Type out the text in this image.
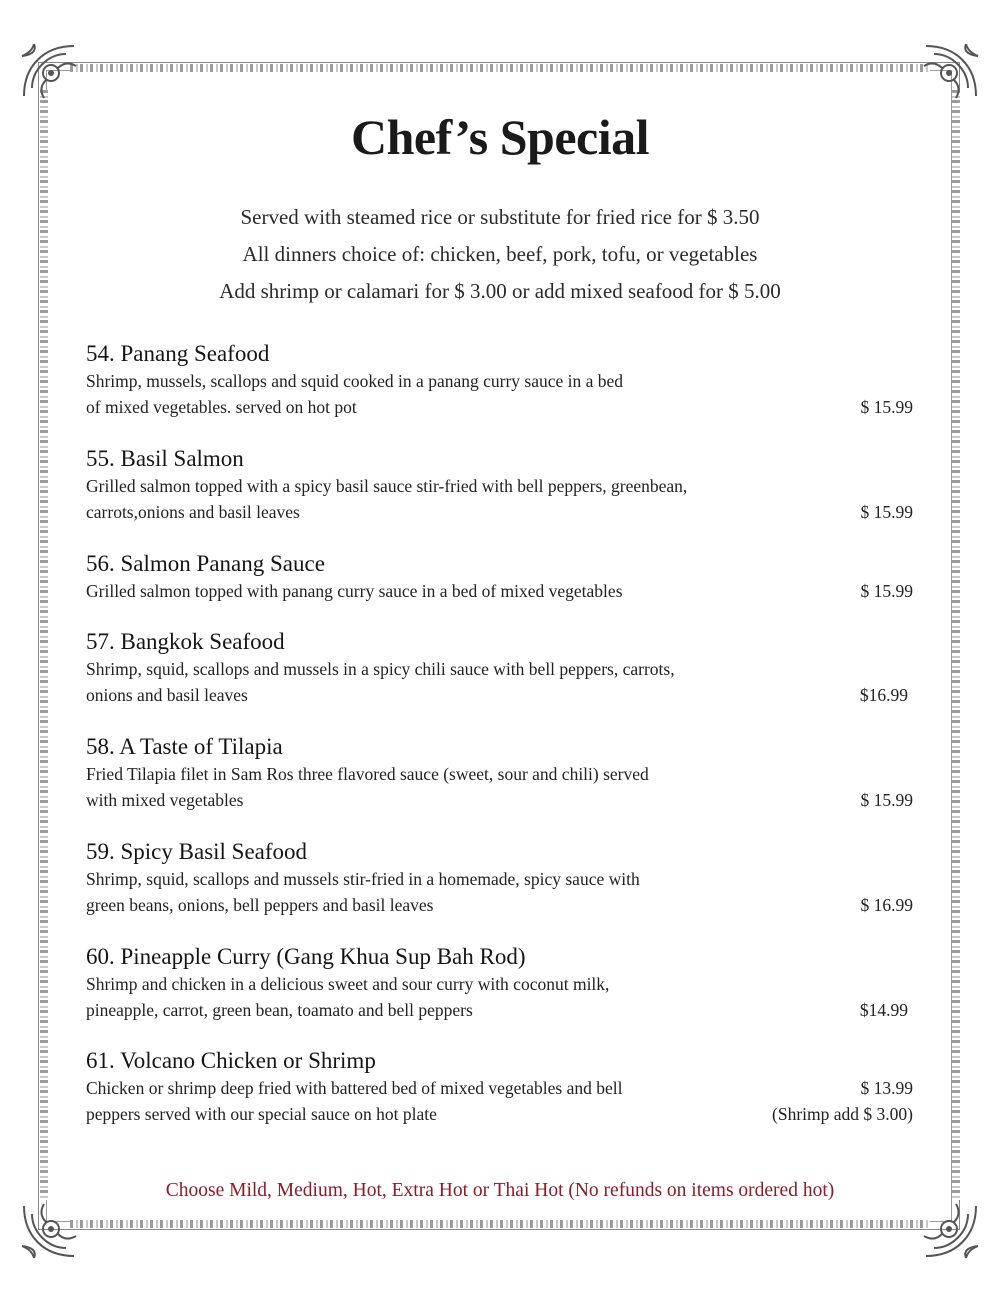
Chef’s Special
Served with steamed rice or substitute for fried rice for $ 3.50
All dinners choice of: chicken, beef, pork, tofu, or vegetables
Add shrimp or calamari for $ 3.00 or add mixed seafood for $ 5.00
54. Panang Seafood
Shrimp, mussels, scallops and squid cooked in a panang curry sauce in a bed
of mixed vegetables. served on hot pot	$ 15.99
55. Basil Salmon
Grilled salmon topped with a spicy basil sauce stir-fried with bell peppers, greenbean,
carrots,onions and basil leaves	$ 15.99
56. Salmon Panang Sauce
Grilled salmon topped with panang curry sauce in a bed of mixed vegetables	$ 15.99
57. Bangkok Seafood
Shrimp, squid, scallops and mussels in a spicy chili sauce with bell peppers, carrots,
onions and basil leaves	$16.99
58. A Taste of Tilapia
Fried Tilapia filet in Sam Ros three flavored sauce (sweet, sour and chili) served
with mixed vegetables	$ 15.99
59. Spicy Basil Seafood
Shrimp, squid, scallops and mussels stir-fried in a homemade, spicy sauce with
green beans, onions, bell peppers and basil leaves	$ 16.99
60. Pineapple Curry (Gang Khua Sup Bah Rod)
Shrimp and chicken in a delicious sweet and sour curry with coconut milk,
pineapple, carrot, green bean, toamato and bell peppers	$14.99
61. Volcano Chicken or Shrimp
Chicken or shrimp deep fried with battered bed of mixed vegetables and bell	$ 13.99
peppers served with our special sauce on hot plate	(Shrimp add $ 3.00)
Choose Mild, Medium, Hot, Extra Hot or Thai Hot (No refunds on items ordered hot)
